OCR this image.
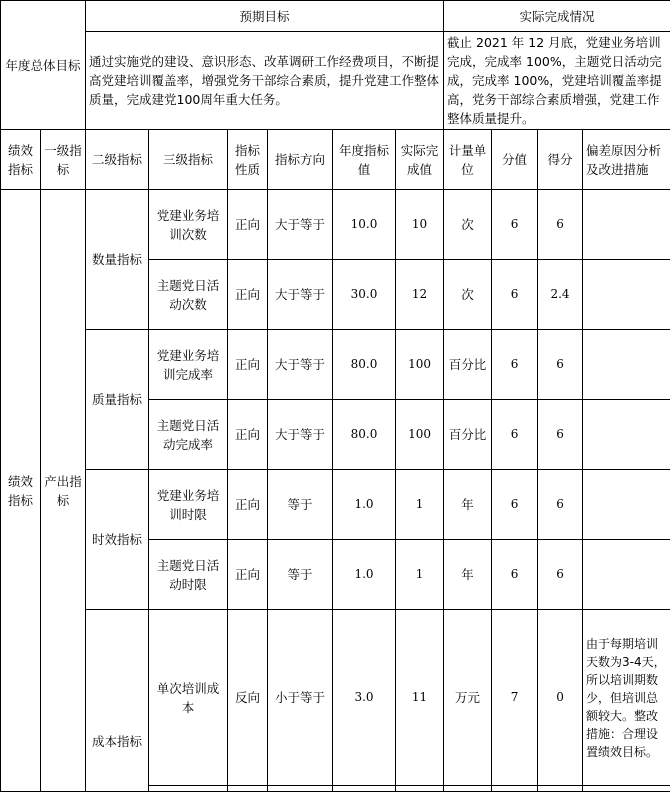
年度总体目标		预期目标						实际完成情况			
		通过实施党的建设、意识形态、改革调研工作经费项目，不断提高党建培训覆盖率，增强党务干部综合素质，提升党建工作整体质量，完成建党100周年重大任务。						截止 2021 年 12 月底，党建业务培训完成，完成率 100%，主题党日活动完成，完成率 100%，党建培训覆盖率提高，党务干部综合素质增强，党建工作整体质量提升。			
绩效指标	一级指标	二级指标	三级指标	指标性质	指标方向	年度指标值	实际完成值	计量单位	分值	得分	偏差原因分析及改进措施
绩效指标	产出指标	数量指标	党建业务培训次数	正向	大于等于	10.0	10	次	6	6	
			主题党日活动次数	正向	大于等于	30.0	12	次	6	2.4	
		质量指标	党建业务培训完成率	正向	大于等于	80.0	100	百分比	6	6	
			主题党日活动完成率	正向	大于等于	80.0	100	百分比	6	6	
		时效指标	党建业务培训时限	正向	等于	1.0	1	年	6	6	
			主题党日活动时限	正向	等于	1.0	1	年	6	6	
		成本指标	单次培训成本	反向	小于等于	3.0	11	万元	7	0	由于每期培训天数为3-4天，所以培训期数少，但培训总额较大。整改措施：合理设置绩效目标。
